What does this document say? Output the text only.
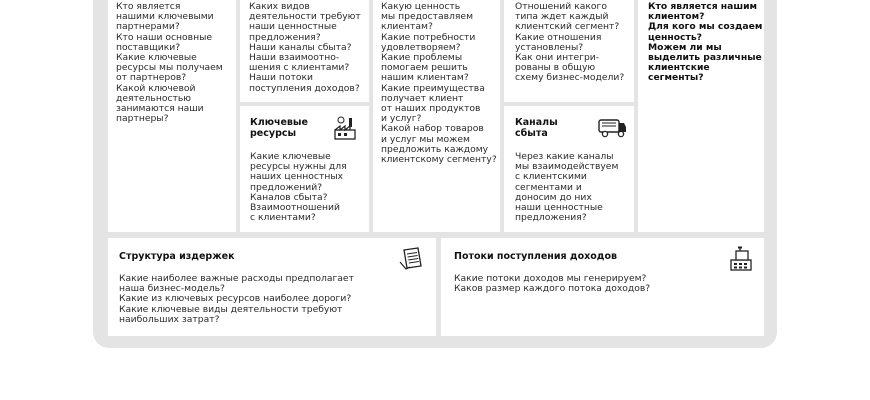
Кто является
нашими ключевыми
партнерами?
Кто наши основные
поставщики?
Какие ключевые
ресурсы мы получаем
от партнеров?
Какой ключевой
деятельностью
занимаются наши
партнеры?

Каких видов
деятельности требуют
наши ценностные
предложения?
Наши каналы сбыта?
Наши взаимоотно-
шения с клиентами?
Наши потоки
поступления доходов?

Ключевые
ресурсы

Какие ключевые
ресурсы нужны для
наших ценностных
предложений?
Каналов сбыта?
Взаимоотношений
с клиентами?

Какую ценность
мы предоставляем
клиентам?
Какие потребности
удовлетворяем?
Какие проблемы
помогаем решить
нашим клиентам?
Какие преимущества
получает клиент
от наших продуктов
и услуг?
Какой набор товаров
и услуг мы можем
предложить каждому
клиентскому сегменту?

Отношений какого
типа ждет каждый
клиентский сегмент?
Какие отношения
установлены?
Как они интегри-
рованы в общую
схему бизнес-модели?

Каналы
сбыта

Через какие каналы
мы взаимодействуем
с клиентскими
сегментами и
доносим до них
наши ценностные
предложения?

Кто является нашим
клиентом?
Для кого мы создаем
ценность?
Можем ли мы
выделить различные
клиентские сегменты?

Структура издержек

Какие наиболее важные расходы предполагает
наша бизнес-модель?
Какие из ключевых ресурсов наиболее дороги?
Какие ключевые виды деятельности требуют
наибольших затрат?

Потоки поступления доходов

Какие потоки доходов мы генерируем?
Каков размер каждого потока доходов?
